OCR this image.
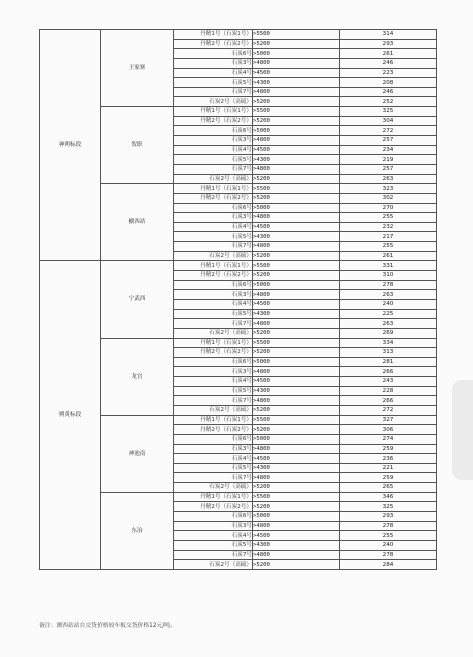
神朔标段	王家寨	丹精1号（石炭1号）	>5500	314
		丹精2号（石炭2号）	>5200	293
		石炭6号	>5000	261
		石炭3号	>4800	246
		石炭4号	>4500	223
		石炭5号	>4300	208
		石炭7号	>4800	246
		石炭2号（高硫）	>5200	252
	贺职	丹精1号（石炭1号）	>5500	325
		丹精2号（石炭2号）	>5200	304
		石炭6号	>5000	272
		石炭3号	>4800	257
		石炭4号	>4500	234
		石炭5号	>4300	219
		石炭7号	>4800	257
		石炭2号（高硫）	>5200	263
	榆西站	丹精1号（石炭1号）	>5500	323
		丹精2号（石炭2号）	>5200	302
		石炭6号	>5000	270
		石炭3号	>4800	255
		石炭4号	>4500	232
		石炭5号	>4300	217
		石炭7号	>4800	255
		石炭2号（高硫）	>5200	261
朔黄标段	宁武西	丹精1号（石炭1号）	>5500	331
		丹精2号（石炭2号）	>5200	310
		石炭6号	>5000	278
		石炭3号	>4800	263
		石炭4号	>4500	240
		石炭5号	>4300	225
		石炭7号	>4800	263
		石炭2号（高硫）	>5200	269
	龙宫	丹精1号（石炭1号）	>5500	334
		丹精2号（石炭2号）	>5200	313
		石炭6号	>5000	281
		石炭3号	>4800	266
		石炭4号	>4500	243
		石炭5号	>4300	228
		石炭7号	>4800	266
		石炭2号（高硫）	>5200	272
	神池南	丹精1号（石炭1号）	>5500	327
		丹精2号（石炭2号）	>5200	306
		石炭6号	>5000	274
		石炭3号	>4800	259
		石炭4号	>4500	236
		石炭5号	>4300	221
		石炭7号	>4800	259
		石炭2号（高硫）	>5200	265
	东冶	丹精1号（石炭1号）	>5500	346
		丹精2号（石炭2号）	>5200	325
		石炭6号	>5000	293
		石炭3号	>4800	278
		石炭4号	>4500	255
		石炭5号	>4300	240
		石炭7号	>4800	278
		石炭2号（高硫）	>5200	284
备注：测西站站台交货价格较车板交货价格12元/吨。
